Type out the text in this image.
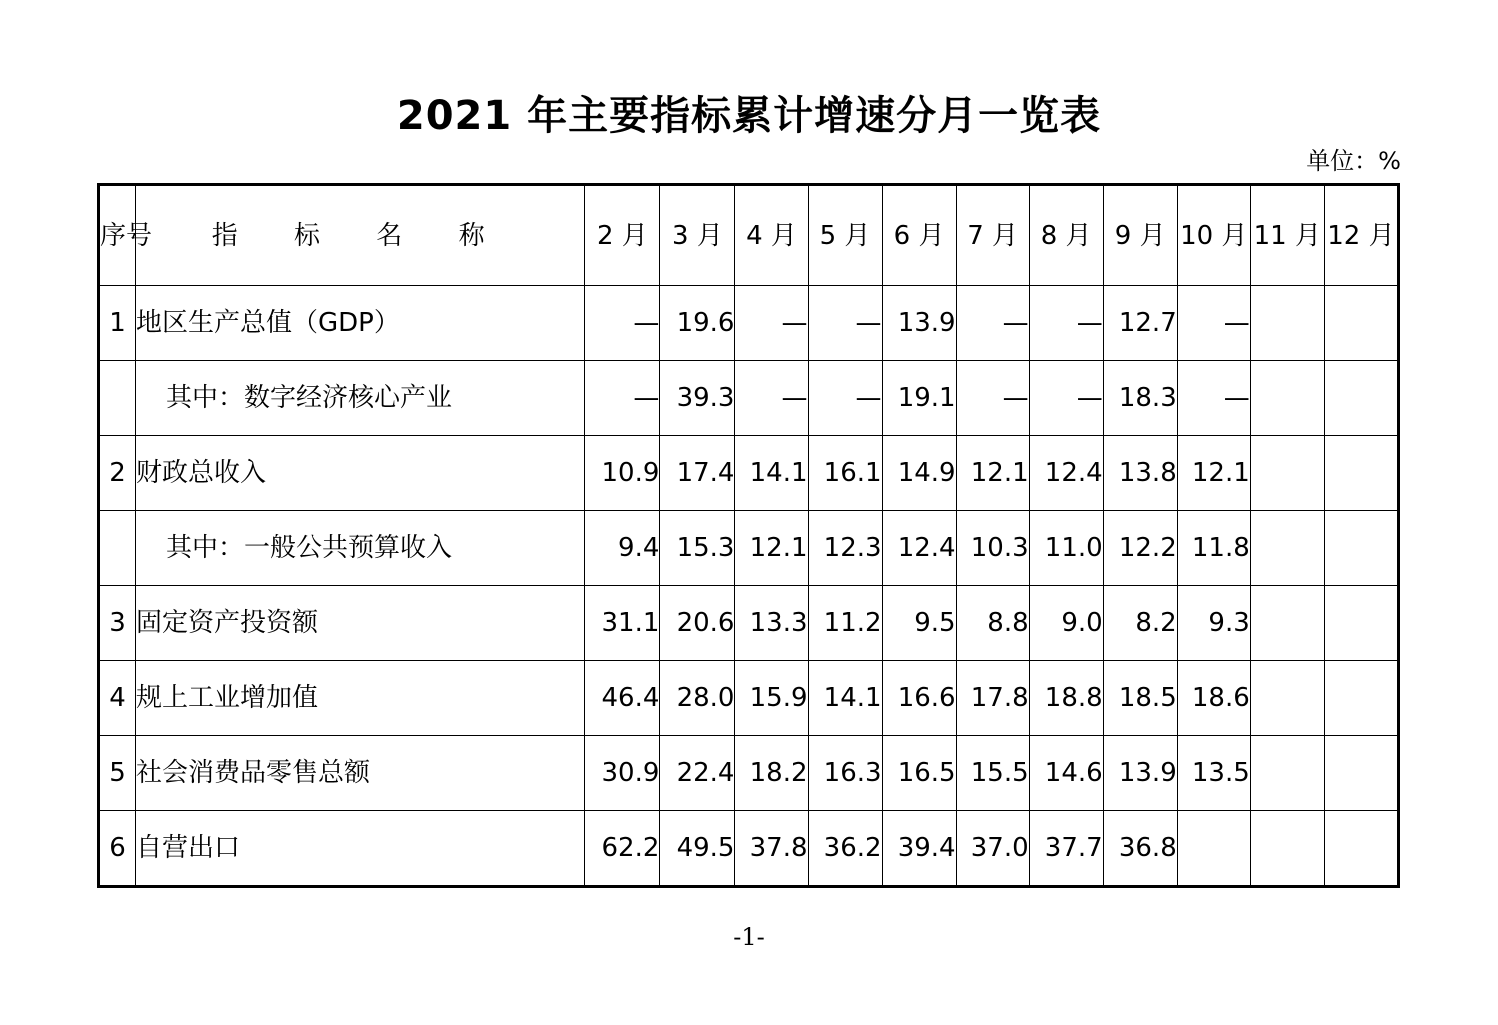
2021 年主要指标累计增速分月一览表
单位：%
序号	指 标 名 称	2 月	3 月	4 月	5 月	6 月	7 月	8 月	9 月	10 月	11 月	12 月
1	地区生产总值（GDP）	—	19.6	—	—	13.9	—	—	12.7	—		
	其中：数字经济核心产业	—	39.3	—	—	19.1	—	—	18.3	—		
2	财政总收入	10.9	17.4	14.1	16.1	14.9	12.1	12.4	13.8	12.1		
	其中：一般公共预算收入	9.4	15.3	12.1	12.3	12.4	10.3	11.0	12.2	11.8		
3	固定资产投资额	31.1	20.6	13.3	11.2	9.5	8.8	9.0	8.2	9.3		
4	规上工业增加值	46.4	28.0	15.9	14.1	16.6	17.8	18.8	18.5	18.6		
5	社会消费品零售总额	30.9	22.4	18.2	16.3	16.5	15.5	14.6	13.9	13.5		
6	自营出口	62.2	49.5	37.8	36.2	39.4	37.0	37.7	36.8			
-1-
